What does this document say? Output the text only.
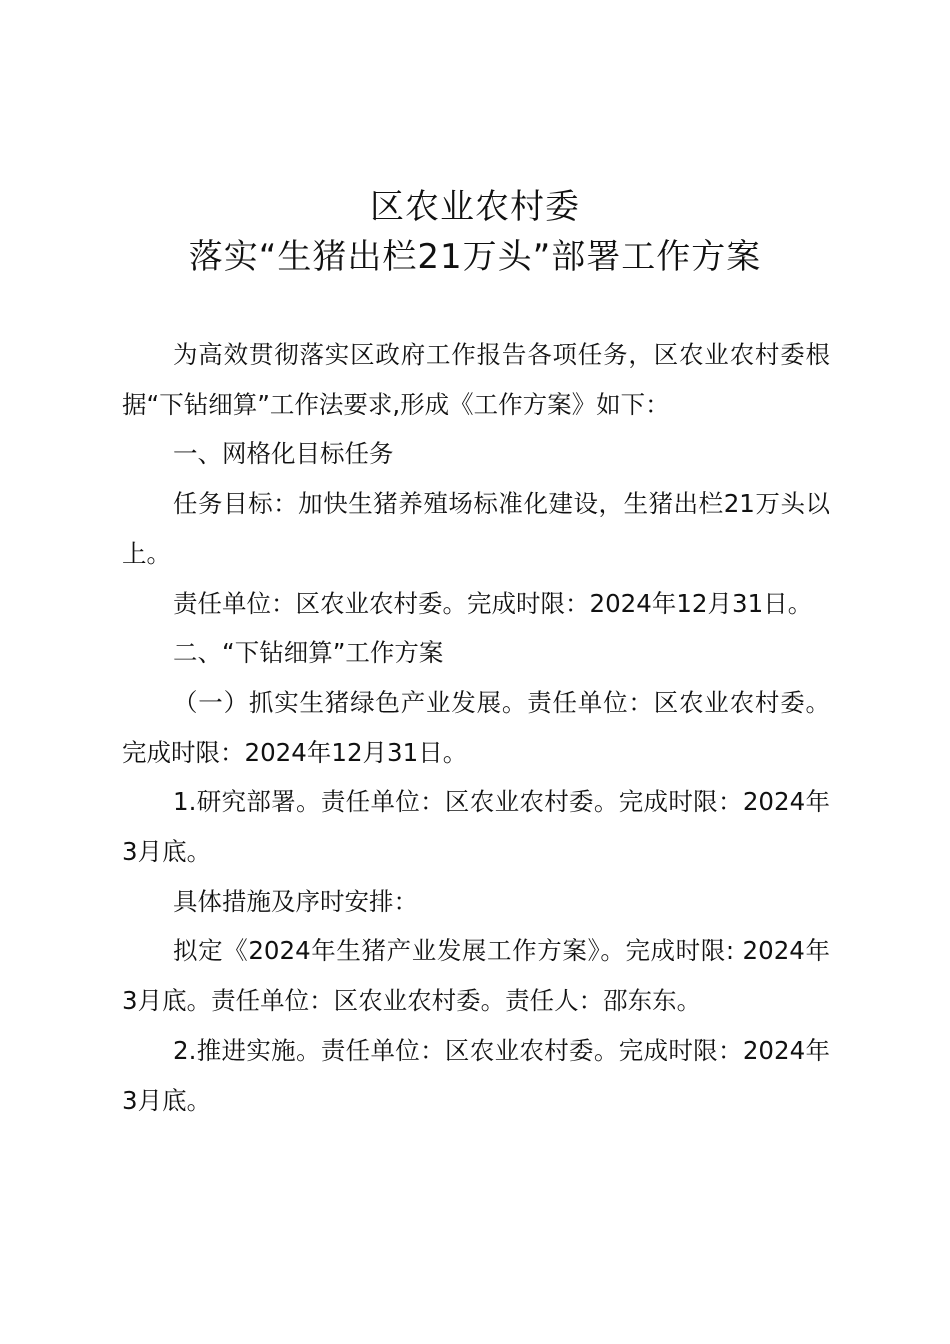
区农业农村委
落实“生猪出栏21万头”部署工作方案

为高效贯彻落实区政府工作报告各项任务，区农业农村委根据“下钻细算”工作法要求,形成《工作方案》如下：

一、网格化目标任务

任务目标：加快生猪养殖场标准化建设，生猪出栏21万头以上。

责任单位：区农业农村委。完成时限：2024年12月31日。

二、“下钻细算”工作方案

（一）抓实生猪绿色产业发展。责任单位：区农业农村委。完成时限：2024年12月31日。

1.研究部署。责任单位：区农业农村委。完成时限：2024年3月底。

具体措施及序时安排：

拟定《2024年生猪产业发展工作方案》。完成时限: 2024年3月底。责任单位：区农业农村委。责任人：邵东东。

2.推进实施。责任单位：区农业农村委。完成时限：2024年3月底。
